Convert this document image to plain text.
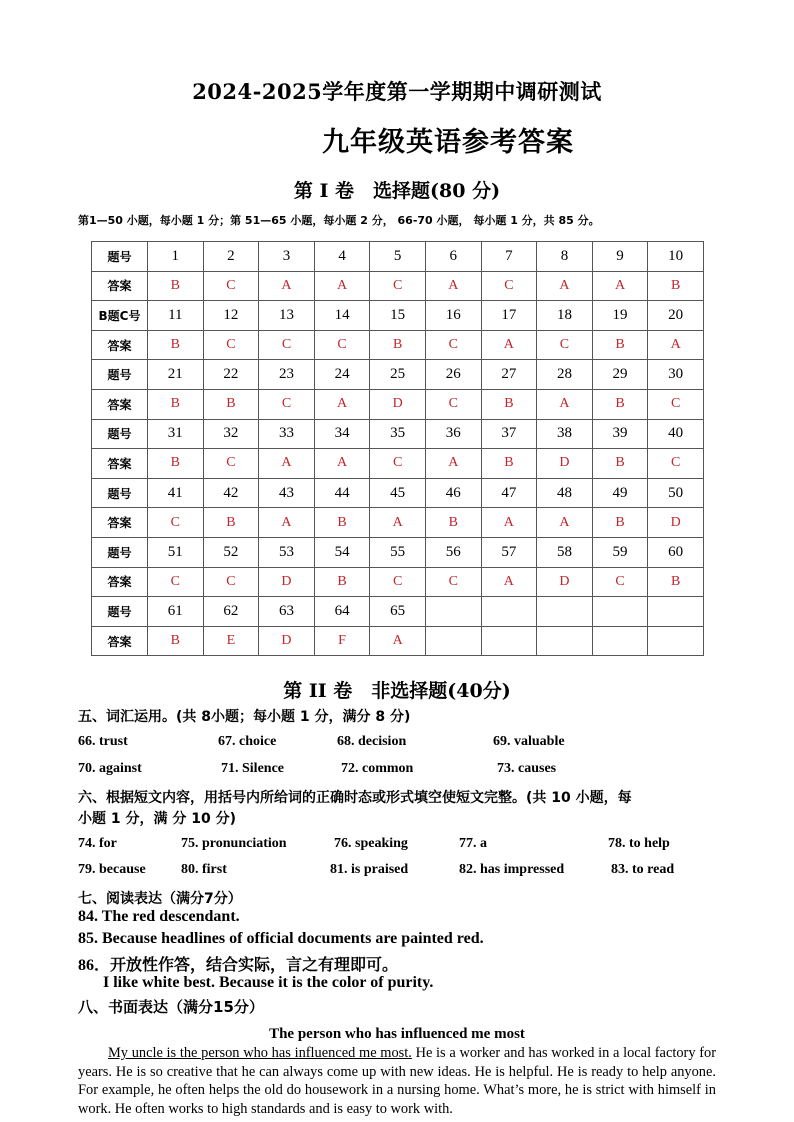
2024-2025学年度第一学期期中调研测试
九年级英语参考答案
第 I 卷　选择题(80 分)
第1—50 小题，每小题 1 分；第 51—65 小题，每小题 2 分， 66-70 小题， 每小题 1 分，共 85 分。
题号	1	2	3	4	5	6	7	8	9	10
答案	B	C	A	A	C	A	C	A	A	B
B题C号	11	12	13	14	15	16	17	18	19	20
答案	B	C	C	C	B	C	A	C	B	A
题号	21	22	23	24	25	26	27	28	29	30
答案	B	B	C	A	D	C	B	A	B	C
题号	31	32	33	34	35	36	37	38	39	40
答案	B	C	A	A	C	A	B	D	B	C
题号	41	42	43	44	45	46	47	48	49	50
答案	C	B	A	B	A	B	A	A	B	D
题号	51	52	53	54	55	56	57	58	59	60
答案	C	C	D	B	C	C	A	D	C	B
题号	61	62	63	64	65					
答案	B	E	D	F	A					
第 II 卷　非选择题(40分)
五、词汇运用。(共 8小题；每小题 1 分，满分 8 分)
66. trust	67. choice	68. decision	69. valuable
70. against	71. Silence	72. common	73. causes
六、根据短文内容，用括号内所给词的正确时态或形式填空使短文完整。(共 10 小题，每
小题 1 分，满 分 10 分)
74. for	75. pronunciation	76. speaking	77. a	78. to help
79. because	80. first	81. is praised	82. has impressed	83. to read
七、阅读表达（满分7分）
84. The red descendant.
85. Because headlines of official documents are painted red.
86．开放性作答，结合实际，言之有理即可。
I like white best. Because it is the color of purity.
八、书面表达（满分15分）
The person who has influenced me most
My uncle is the person who has influenced me most. He is a worker and has worked in a local factory for years. He is so creative that he can always come up with new ideas. He is helpful. He is ready to help anyone. For example, he often helps the old do housework in a nursing home. What’s more, he is strict with himself in work. He often works to high standards and is easy to work with.
